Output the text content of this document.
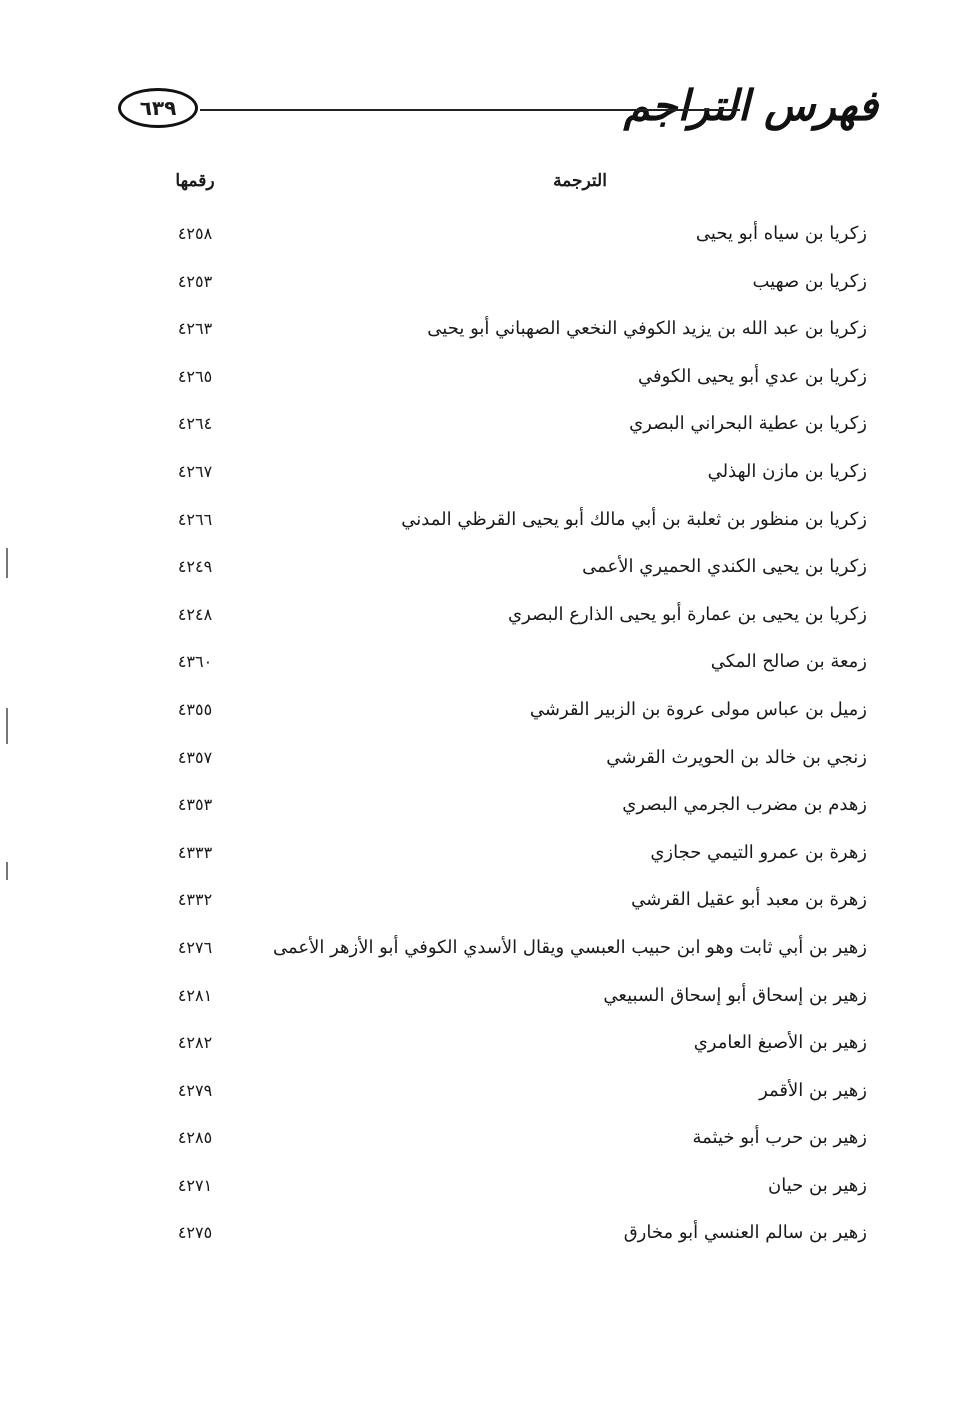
فهرس التراجم
٦٣٩
الترجمة
رقمها
زكريا بن سياه أبو يحيى
٤٢٥٨
زكريا بن صهيب
٤٢٥٣
زكريا بن عبد الله بن يزيد الكوفي النخعي الصهباني أبو يحيى
٤٢٦٣
زكريا بن عدي أبو يحيى الكوفي
٤٢٦٥
زكريا بن عطية البحراني البصري
٤٢٦٤
زكريا بن مازن الهذلي
٤٢٦٧
زكريا بن منظور بن ثعلبة بن أبي مالك أبو يحيى القرظي المدني
٤٢٦٦
زكريا بن يحيى الكندي الحميري الأعمى
٤٢٤٩
زكريا بن يحيى بن عمارة أبو يحيى الذارع البصري
٤٢٤٨
زمعة بن صالح المكي
٤٣٦٠
زميل بن عباس مولى عروة بن الزبير القرشي
٤٣٥٥
زنجي بن خالد بن الحويرث القرشي
٤٣٥٧
زهدم بن مضرب الجرمي البصري
٤٣٥٣
زهرة بن عمرو التيمي حجازي
٤٣٣٣
زهرة بن معبد أبو عقيل القرشي
٤٣٣٢
زهير بن أبي ثابت وهو ابن حبيب العبسي ويقال الأسدي الكوفي أبو الأزهر الأعمى
٤٢٧٦
زهير بن إسحاق أبو إسحاق السبيعي
٤٢٨١
زهير بن الأصبغ العامري
٤٢٨٢
زهير بن الأقمر
٤٢٧٩
زهير بن حرب أبو خيثمة
٤٢٨٥
زهير بن حيان
٤٢٧١
زهير بن سالم العنسي أبو مخارق
٤٢٧٥
